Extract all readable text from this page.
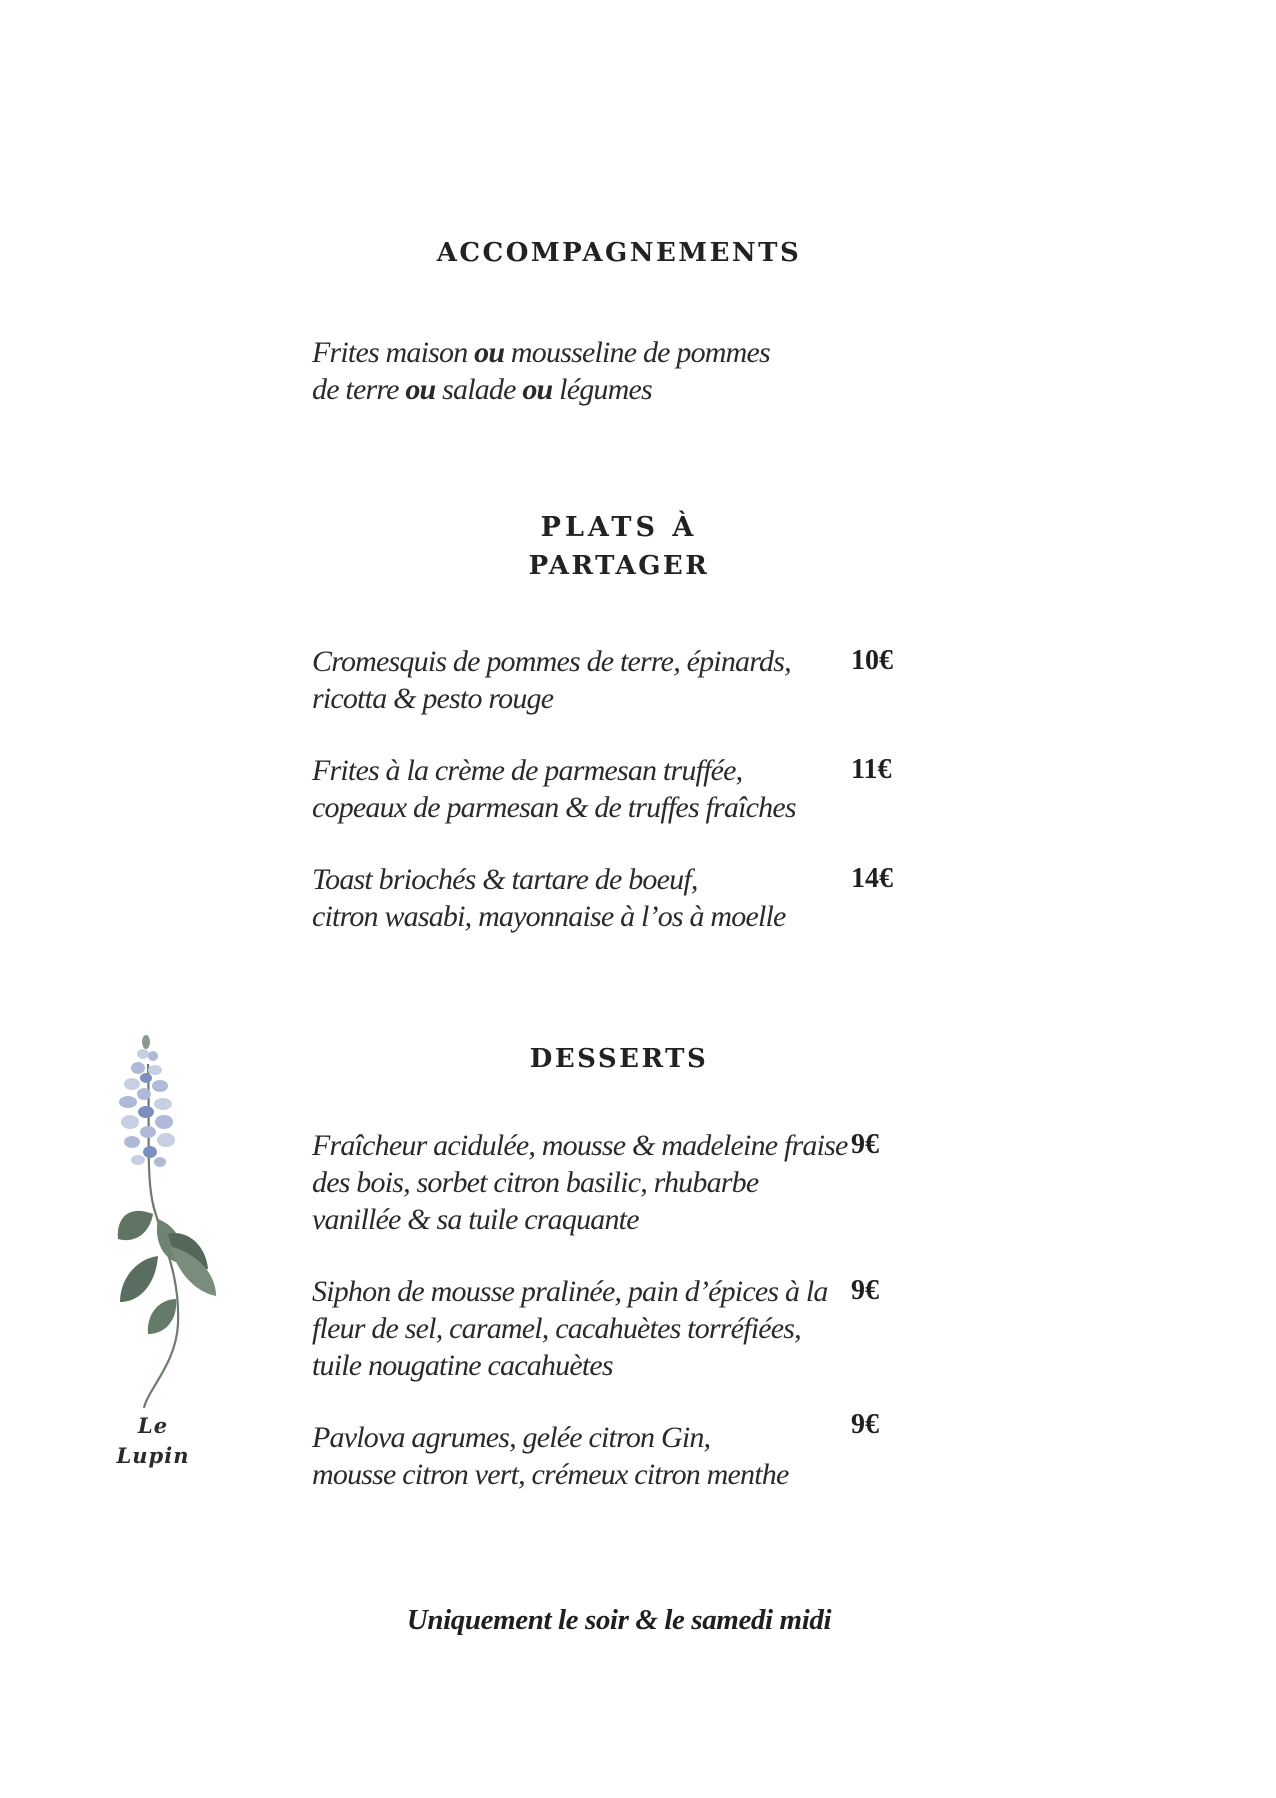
ACCOMPAGNEMENTS

Frites maison ou mousseline de pommes
de terre ou salade ou légumes

PLATS À
PARTAGER

Cromesquis de pommes de terre, épinards,
ricotta & pesto rouge

10€

Frites à la crème de parmesan truffée,
copeaux de parmesan & de truffes fraîches

11€

Toast briochés & tartare de boeuf,
citron wasabi, mayonnaise à l’os à moelle

14€

DESSERTS

Fraîcheur acidulée, mousse & madeleine fraise
des bois, sorbet citron basilic, rhubarbe
vanillée & sa tuile craquante

9€

Siphon de mousse pralinée, pain d’épices à la
fleur de sel, caramel, cacahuètes torréfiées,
tuile nougatine cacahuètes

9€

Pavlova agrumes, gelée citron Gin,
mousse citron vert, crémeux citron menthe

9€

Le
Lupin

Uniquement le soir & le samedi midi
